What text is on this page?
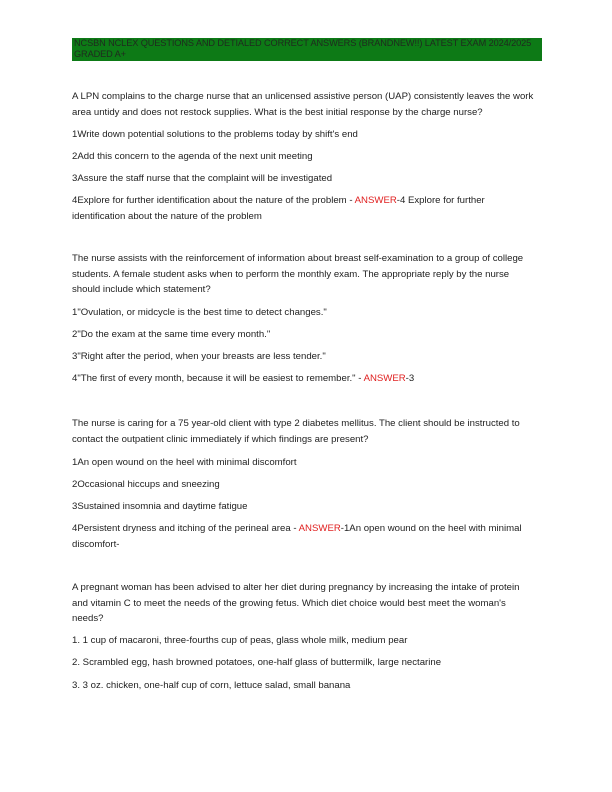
NCSBN NCLEX QUESTIONS AND DETIALED CORRECT ANSWERS (BRANDNEW!!) LATEST EXAM 2024/2025
GRADED A+

A LPN complains to the charge nurse that an unlicensed assistive person (UAP) consistently leaves the work area untidy and does not restock supplies. What is the best initial response by the charge nurse?

1Write down potential solutions to the problems today by shift's end
2Add this concern to the agenda of the next unit meeting
3Assure the staff nurse that the complaint will be investigated
4Explore for further identification about the nature of the problem - ANSWER-4 Explore for further identification about the nature of the problem

The nurse assists with the reinforcement of information about breast self-examination to a group of college students. A female student asks when to perform the monthly exam. The appropriate reply by the nurse should include which statement?

1"Ovulation, or midcycle is the best time to detect changes."
2"Do the exam at the same time every month."
3"Right after the period, when your breasts are less tender."
4"The first of every month, because it will be easiest to remember." - ANSWER-3

The nurse is caring for a 75 year-old client with type 2 diabetes mellitus. The client should be instructed to contact the outpatient clinic immediately if which findings are present?

1An open wound on the heel with minimal discomfort
2Occasional hiccups and sneezing
3Sustained insomnia and daytime fatigue
4Persistent dryness and itching of the perineal area - ANSWER-1An open wound on the heel with minimal discomfort-

A pregnant woman has been advised to alter her diet during pregnancy by increasing the intake of protein and vitamin C to meet the needs of the growing fetus. Which diet choice would best meet the woman's needs?

1. 1 cup of macaroni, three-fourths cup of peas, glass whole milk, medium pear
2. Scrambled egg, hash browned potatoes, one-half glass of buttermilk, large nectarine
3. 3 oz. chicken, one-half cup of corn, lettuce salad, small banana
